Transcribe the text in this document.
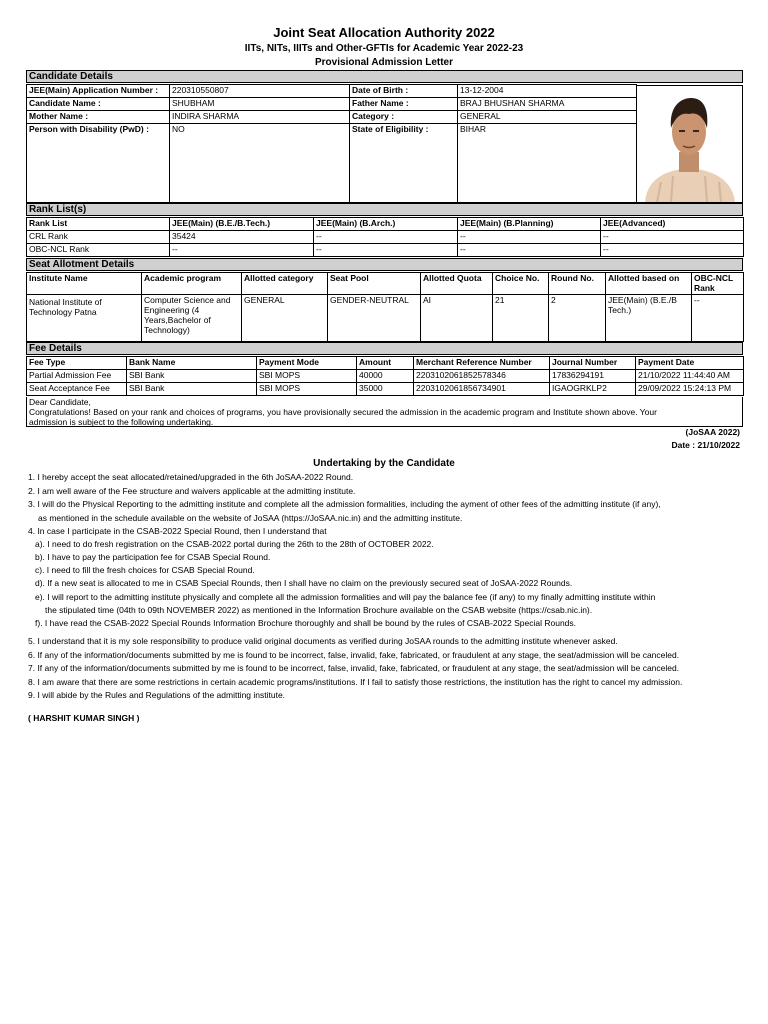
Joint Seat Allocation Authority 2022
IITs, NITs, IIITs and Other-GFTIs for Academic Year 2022-23
Provisional Admission Letter
Candidate Details
JEE(Main) Application Number :	220310550807	Date of Birth :	13-12-2004
Candidate Name :	SHUBHAM	Father Name :	BRAJ BHUSHAN SHARMA
Mother Name :	INDIRA SHARMA	Category :	GENERAL
Person with Disability (PwD) :	NO	State of Eligibility :	BIHAR
Rank List(s)
Rank List	JEE(Main) (B.E./B.Tech.)	JEE(Main) (B.Arch.)	JEE(Main) (B.Planning)	JEE(Advanced)
CRL Rank	35424	--	--	--
OBC-NCL Rank	--	--	--	--
Seat Allotment Details
Institute Name	Academic program	Allotted category	Seat Pool	Allotted Quota	Choice No.	Round No.	Allotted based on	OBC-NCL Rank
National Institute of Technology Patna	Computer Science and Engineering (4 Years,Bachelor of Technology)	GENERAL	GENDER-NEUTRAL	AI	21	2	JEE(Main) (B.E./B Tech.)	--
Fee Details
Fee Type	Bank Name	Payment Mode	Amount	Merchant Reference Number	Journal Number	Payment Date
Partial Admission Fee	SBI Bank	SBI MOPS	40000	2203102061852578346	17836294191	21/10/2022 11:44:40 AM
Seat Acceptance Fee	SBI Bank	SBI MOPS	35000	2203102061856734901	IGAOGRKLP2	29/09/2022 15:24:13 PM
Dear Candidate,
Congratulations! Based on your rank and choices of programs, you have provisionally secured the admission in the academic program and Institute shown above. Your
admission is subject to the following undertaking.
(JoSAA 2022)
Date : 21/10/2022
Undertaking by the Candidate
1. I hereby accept the seat allocated/retained/upgraded in the 6th JoSAA-2022 Round.
2. I am well aware of the Fee structure and waivers applicable at the admitting institute.
3. I will do the Physical Reporting to the admitting institute and complete all the admission formalities, including the ayment of other fees of the admitting institute (if any),
as mentioned in the schedule available on the website of JoSAA (https://JoSAA.nic.in) and the admitting institute.
4. In case I participate in the CSAB-2022 Special Round, then I understand that
a). I need to do fresh registration on the CSAB-2022 portal during the 26th to the 28th of OCTOBER 2022.
b). I have to pay the participation fee for CSAB Special Round.
c). I need to fill the fresh choices for CSAB Special Round.
d). If a new seat is allocated to me in CSAB Special Rounds, then I shall have no claim on the previously secured seat of JoSAA-2022 Rounds.
e). I will report to the admitting institute physically and complete all the admission formalities and will pay the balance fee (if any) to my finally admitting institute within
the stipulated time (04th to 09th NOVEMBER 2022) as mentioned in the Information Brochure available on the CSAB website (https://csab.nic.in).
f). I have read the CSAB-2022 Special Rounds Information Brochure thoroughly and shall be bound by the rules of CSAB-2022 Special Rounds.
5. I understand that it is my sole responsibility to produce valid original documents as verified during JoSAA rounds to the admitting institute whenever asked.
6. If any of the information/documents submitted by me is found to be incorrect, false, invalid, fake, fabricated, or fraudulent at any stage, the seat/admission will be canceled.
7. If any of the information/documents submitted by me is found to be incorrect, false, invalid, fake, fabricated, or fraudulent at any stage, the seat/admission will be canceled.
8. I am aware that there are some restrictions in certain academic programs/institutions. If I fail to satisfy those restrictions, the institution has the right to cancel my admission.
9. I will abide by the Rules and Regulations of the admitting institute.
( HARSHIT KUMAR SINGH )
